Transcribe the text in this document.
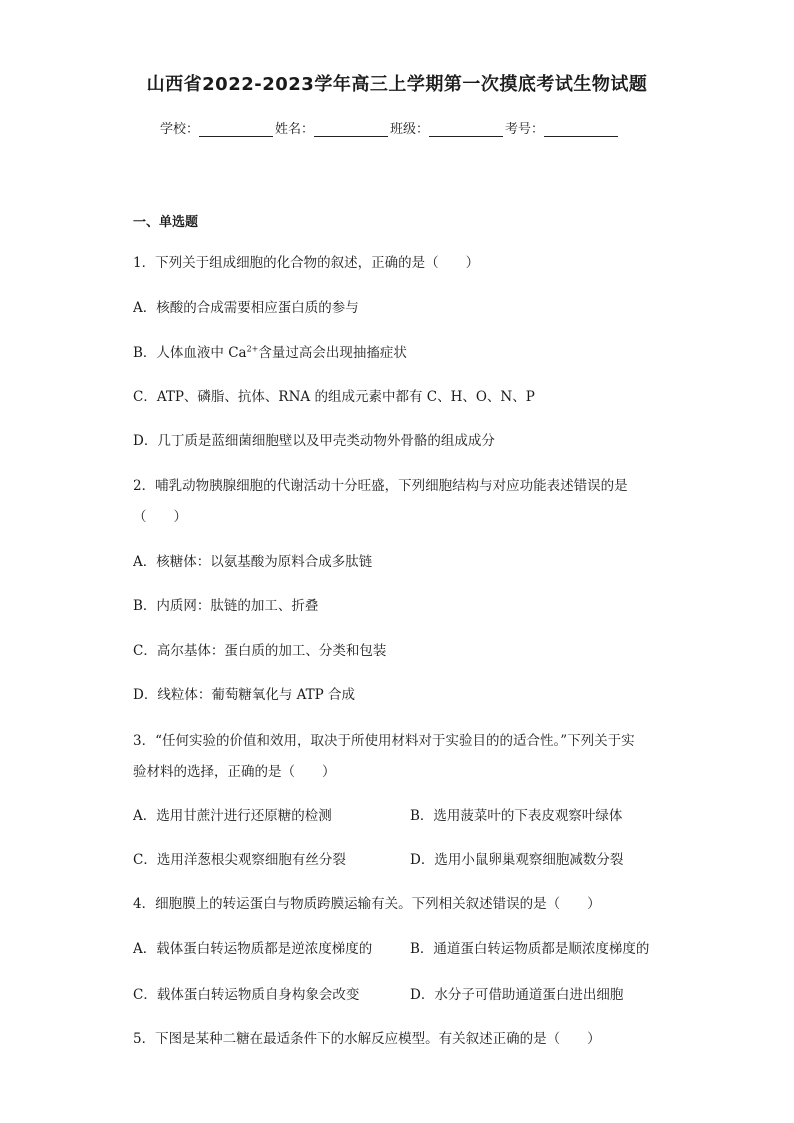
山西省2022-2023学年高三上学期第一次摸底考试生物试题
学校：	姓名：	班级：	考号：
一、单选题
1．下列关于组成细胞的化合物的叙述，正确的是（　　）
A．核酸的合成需要相应蛋白质的参与
B．人体血液中 $Ca^{2+}$含量过高会出现抽搐症状
C．ATP、磷脂、抗体、RNA 的组成元素中都有 C、H、O、N、P
D．几丁质是蓝细菌细胞壁以及甲壳类动物外骨骼的组成成分
2．哺乳动物胰腺细胞的代谢活动十分旺盛，下列细胞结构与对应功能表述错误的是
（　　）
A．核糖体：以氨基酸为原料合成多肽链
B．内质网：肽链的加工、折叠
C．高尔基体：蛋白质的加工、分类和包装
D．线粒体：葡萄糖氧化与 ATP 合成
3．“任何实验的价值和效用，取决于所使用材料对于实验目的的适合性。”下列关于实
验材料的选择，正确的是（　　）
A．选用甘蔗汁进行还原糖的检测	B．选用菠菜叶的下表皮观察叶绿体
C．选用洋葱根尖观察细胞有丝分裂	D．选用小鼠卵巢观察细胞减数分裂
4．细胞膜上的转运蛋白与物质跨膜运输有关。下列相关叙述错误的是（　　）
A．载体蛋白转运物质都是逆浓度梯度的	B．通道蛋白转运物质都是顺浓度梯度的
C．载体蛋白转运物质自身构象会改变	D．水分子可借助通道蛋白进出细胞
5．下图是某种二糖在最适条件下的水解反应模型。有关叙述正确的是（　　）
